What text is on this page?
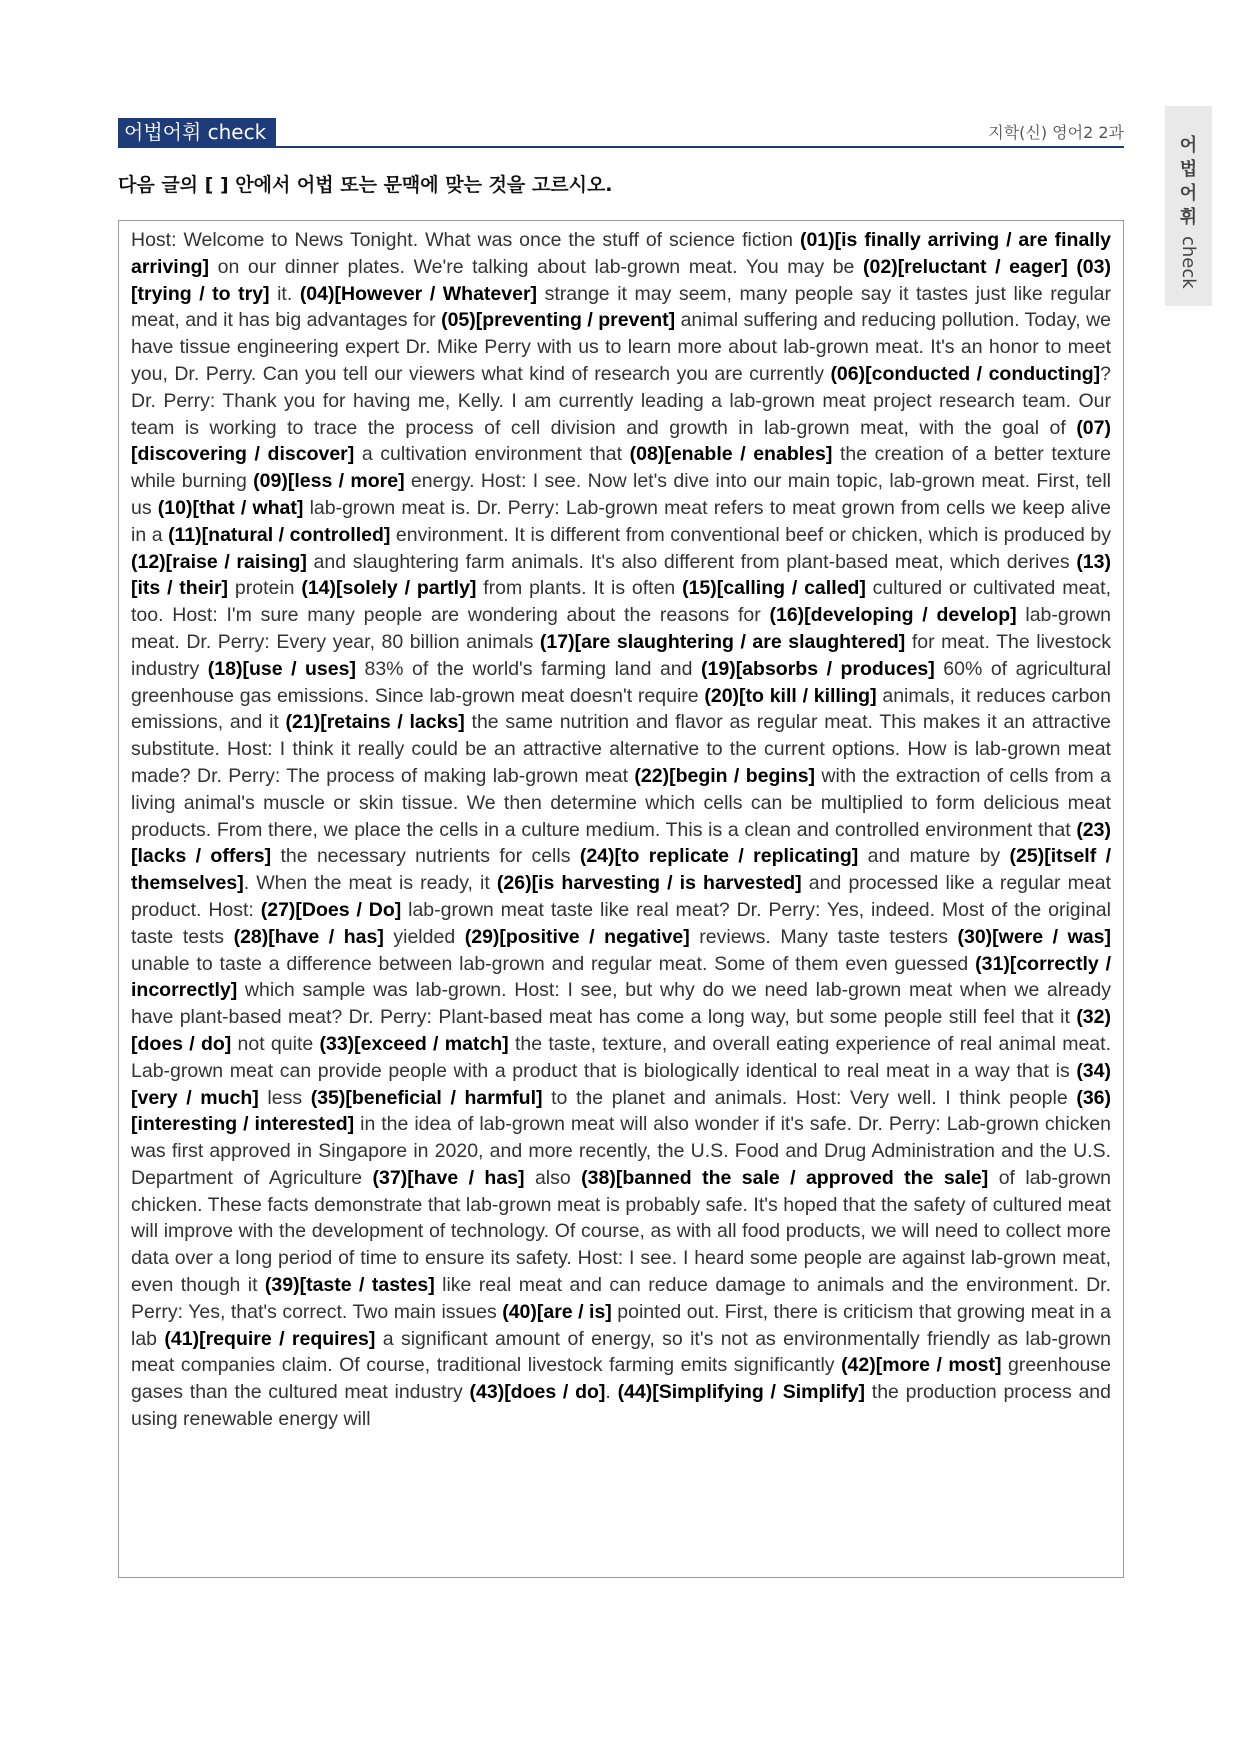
어법어휘 check	지학(신) 영어2 2과
어
법
어
휘
check
다음 글의 [ ] 안에서 어법 또는 문맥에 맞는 것을 고르시오.

Host: Welcome to News Tonight. What was once the stuff of science fiction (01)[is finally arriving / are finally arriving] on our dinner plates. We're talking about lab-grown meat. You may be (02)[reluctant / eager] (03)[trying / to try] it. (04)[However / Whatever] strange it may seem, many people say it tastes just like regular meat, and it has big advantages for (05)[preventing / prevent] animal suffering and reducing pollution. Today, we have tissue engineering expert Dr. Mike Perry with us to learn more about lab-grown meat. It's an honor to meet you, Dr. Perry. Can you tell our viewers what kind of research you are currently (06)[conducted / conducting]? Dr. Perry: Thank you for having me, Kelly. I am currently leading a lab-grown meat project research team. Our team is working to trace the process of cell division and growth in lab-grown meat, with the goal of (07)[discovering / discover] a cultivation environment that (08)[enable / enables] the creation of a better texture while burning (09)[less / more] energy. Host: I see. Now let's dive into our main topic, lab-grown meat. First, tell us (10)[that / what] lab-grown meat is. Dr. Perry: Lab-grown meat refers to meat grown from cells we keep alive in a (11)[natural / controlled] environment. It is different from conventional beef or chicken, which is produced by (12)[raise / raising] and slaughtering farm animals. It's also different from plant-based meat, which derives (13)[its / their] protein (14)[solely / partly] from plants. It is often (15)[calling / called] cultured or cultivated meat, too. Host: I'm sure many people are wondering about the reasons for (16)[developing / develop] lab-grown meat. Dr. Perry: Every year, 80 billion animals (17)[are slaughtering / are slaughtered] for meat. The livestock industry (18)[use / uses] 83% of the world's farming land and (19)[absorbs / produces] 60% of agricultural greenhouse gas emissions. Since lab-grown meat doesn't require (20)[to kill / killing] animals, it reduces carbon emissions, and it (21)[retains / lacks] the same nutrition and flavor as regular meat. This makes it an attractive substitute. Host: I think it really could be an attractive alternative to the current options. How is lab-grown meat made? Dr. Perry: The process of making lab-grown meat (22)[begin / begins] with the extraction of cells from a living animal's muscle or skin tissue. We then determine which cells can be multiplied to form delicious meat products. From there, we place the cells in a culture medium. This is a clean and controlled environment that (23)[lacks / offers] the necessary nutrients for cells (24)[to replicate / replicating] and mature by (25)[itself / themselves]. When the meat is ready, it (26)[is harvesting / is harvested] and processed like a regular meat product. Host: (27)[Does / Do] lab-grown meat taste like real meat? Dr. Perry: Yes, indeed. Most of the original taste tests (28)[have / has] yielded (29)[positive / negative] reviews. Many taste testers (30)[were / was] unable to taste a difference between lab-grown and regular meat. Some of them even guessed (31)[correctly / incorrectly] which sample was lab-grown. Host: I see, but why do we need lab-grown meat when we already have plant-based meat? Dr. Perry: Plant-based meat has come a long way, but some people still feel that it (32)[does / do] not quite (33)[exceed / match] the taste, texture, and overall eating experience of real animal meat. Lab-grown meat can provide people with a product that is biologically identical to real meat in a way that is (34)[very / much] less (35)[beneficial / harmful] to the planet and animals. Host: Very well. I think people (36)[interesting / interested] in the idea of lab-grown meat will also wonder if it's safe. Dr. Perry: Lab-grown chicken was first approved in Singapore in 2020, and more recently, the U.S. Food and Drug Administration and the U.S. Department of Agriculture (37)[have / has] also (38)[banned the sale / approved the sale] of lab-grown chicken. These facts demonstrate that lab-grown meat is probably safe. It's hoped that the safety of cultured meat will improve with the development of technology. Of course, as with all food products, we will need to collect more data over a long period of time to ensure its safety. Host: I see. I heard some people are against lab-grown meat, even though it (39)[taste / tastes] like real meat and can reduce damage to animals and the environment. Dr. Perry: Yes, that's correct. Two main issues (40)[are / is] pointed out. First, there is criticism that growing meat in a lab (41)[require / requires] a significant amount of energy, so it's not as environmentally friendly as lab-grown meat companies claim. Of course, traditional livestock farming emits significantly (42)[more / most] greenhouse gases than the cultured meat industry (43)[does / do]. (44)[Simplifying / Simplify] the production process and using renewable energy will
